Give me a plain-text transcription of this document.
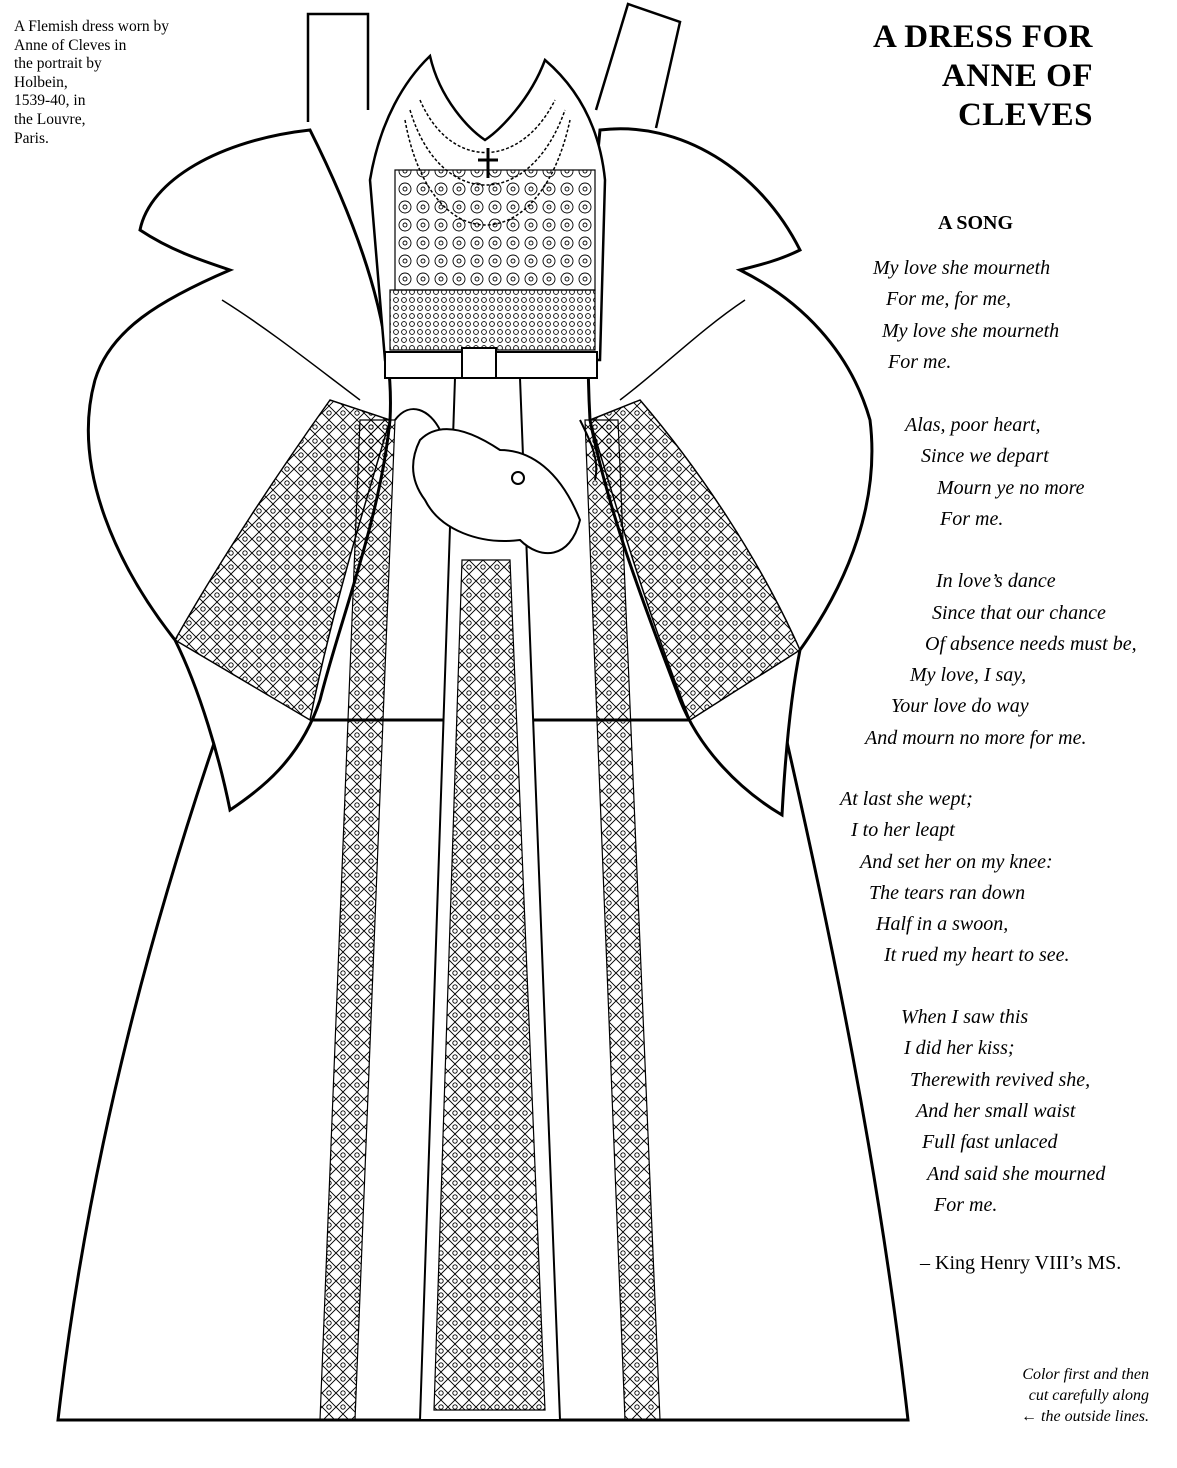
A Flemish dress worn by
Anne of Cleves in
the portrait by
Holbein,
1539-40, in
the Louvre,
Paris.
A DRESS FOR
ANNE OF
CLEVES
A SONG
My love she mourneth
For me, for me,
My love she mourneth
For me.
Alas, poor heart,
Since we depart
Mourn ye no more
For me.
In love’s dance
Since that our chance
Of absence needs must be,
My love, I say,
Your love do way
And mourn no more for me.
At last she wept;
I to her leapt
And set her on my knee:
The tears ran down
Half in a swoon,
It rued my heart to see.
When I saw this
I did her kiss;
Therewith revived she,
And her small waist
Full fast unlaced
And said she mourned
For me.
– King Henry VIII’s MS.
Color first and then
cut carefully along
← the outside lines.
